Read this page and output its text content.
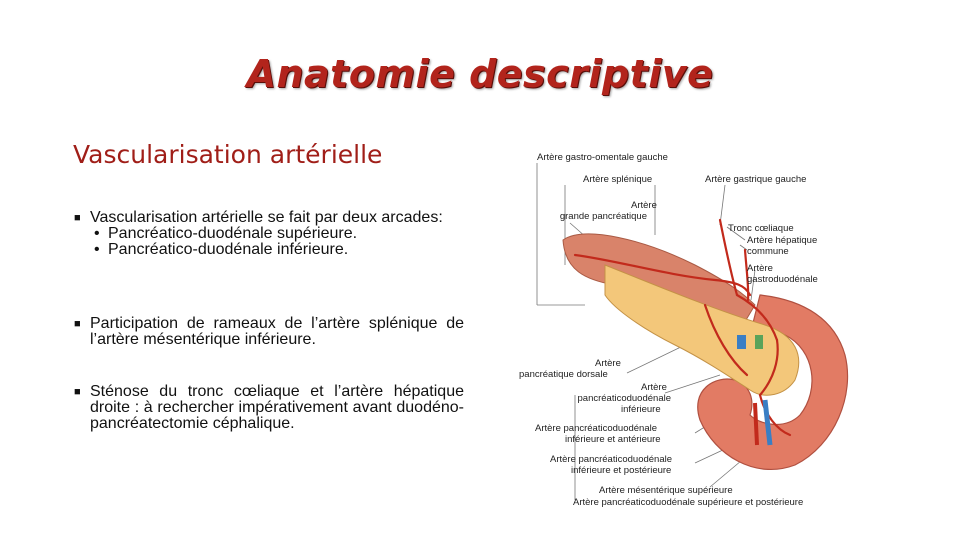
Anatomie descriptive
Vascularisation artérielle
■ Vascularisation artérielle se fait par deux arcades:
• Pancréatico-duodénale supérieure.
• Pancréatico-duodénale inférieure.
■ Participation de rameaux de l’artère splénique de l’artère mésentérique inférieure.
■ Sténose du tronc cœliaque et l’artère hépatique droite : à rechercher impérativement avant duodéno-pancréatectomie céphalique.
Artère gastro-omentale gauche
Artère splénique	Artère gastrique gauche
Artère
grande pancréatique
Tronc cœliaque
Artère hépatique
commune
Artère
gastroduodénale
Artère
pancréatique dorsale
Artère
pancréaticoduodénale
inférieure
Artère pancréaticoduodénale
inférieure et antérieure
Artère pancréaticoduodénale
inférieure et postérieure
Artère mésentérique supérieure
Artère pancréaticoduodénale supérieure et postérieure
